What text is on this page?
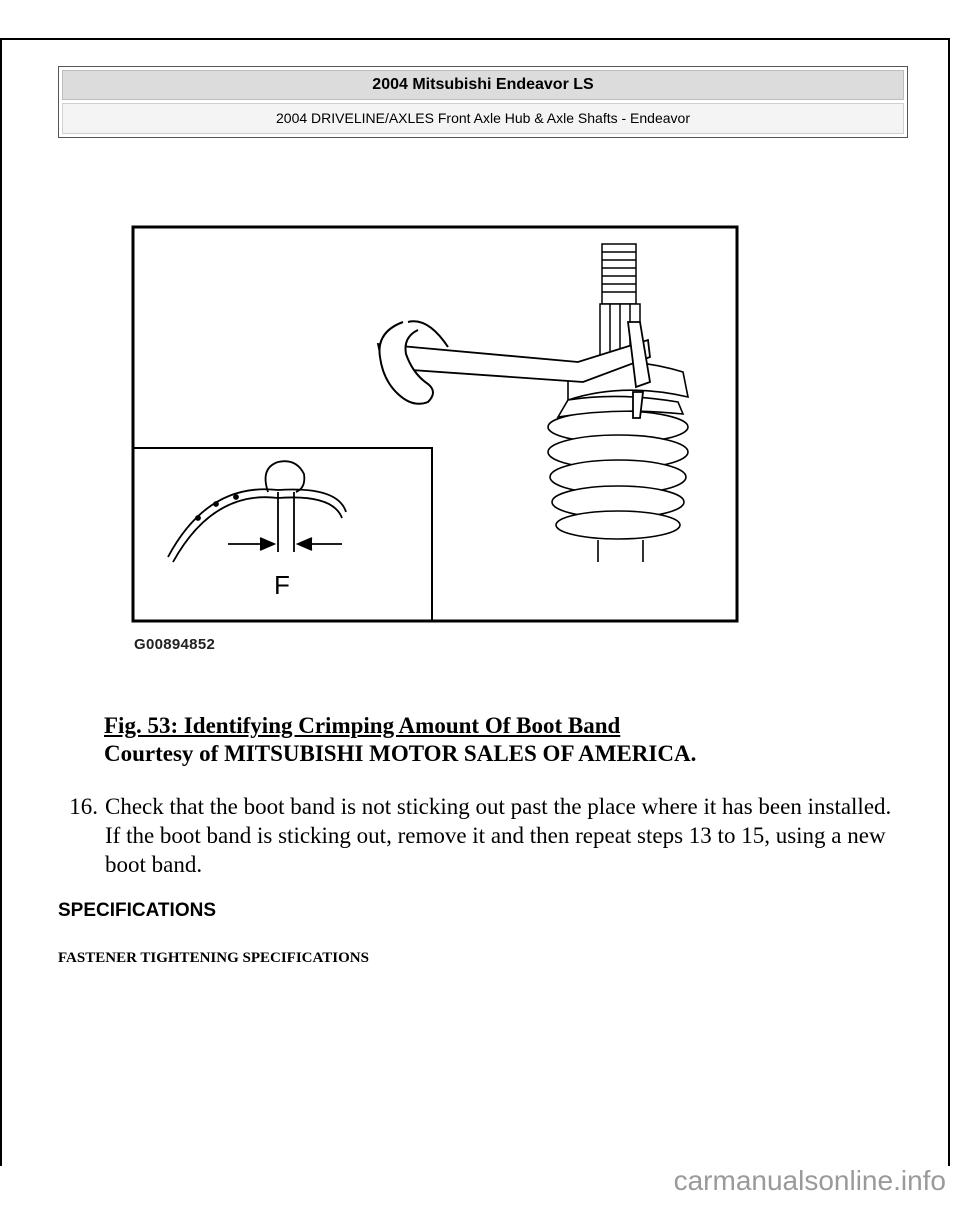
2004 Mitsubishi Endeavor LS
2004 DRIVELINE/AXLES Front Axle Hub & Axle Shafts - Endeavor
F
G00894852
Fig. 53: Identifying Crimping Amount Of Boot Band
Courtesy of MITSUBISHI MOTOR SALES OF AMERICA.
16. Check that the boot band is not sticking out past the place where it has been installed. If the boot band is sticking out, remove it and then repeat steps 13 to 15, using a new boot band.
SPECIFICATIONS
FASTENER TIGHTENING SPECIFICATIONS
carmanualsonline.info
